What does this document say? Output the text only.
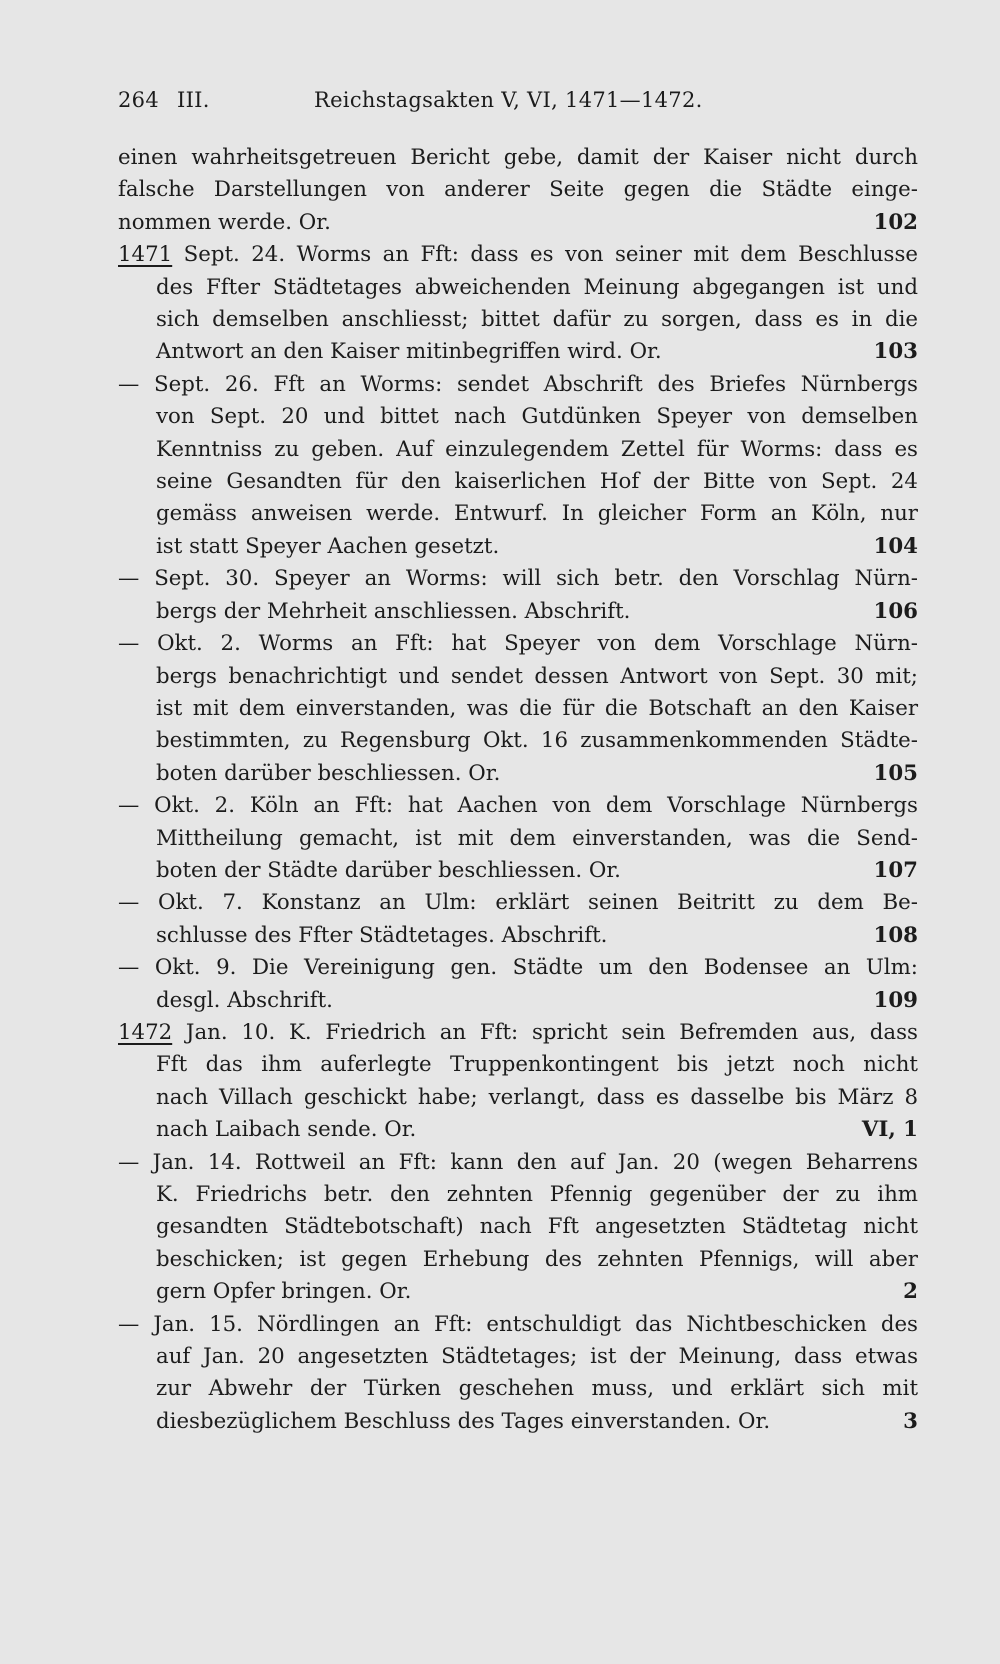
264 III.	Reichstagsakten V, VI, 1471—1472.
einen wahrheitsgetreuen Bericht gebe, damit der Kaiser nicht durch
falsche Darstellungen von anderer Seite gegen die Städte einge-
nommen werde. Or.	102
1471 Sept. 24. Worms an Fft: dass es von seiner mit dem Beschlusse
des Ffter Städtetages abweichenden Meinung abgegangen ist und
sich demselben anschliesst; bittet dafür zu sorgen, dass es in die
Antwort an den Kaiser mitinbegriffen wird. Or.	103
— Sept. 26. Fft an Worms: sendet Abschrift des Briefes Nürnbergs
von Sept. 20 und bittet nach Gutdünken Speyer von demselben
Kenntniss zu geben. Auf einzulegendem Zettel für Worms: dass es
seine Gesandten für den kaiserlichen Hof der Bitte von Sept. 24
gemäss anweisen werde. Entwurf. In gleicher Form an Köln, nur
ist statt Speyer Aachen gesetzt.	104
— Sept. 30. Speyer an Worms: will sich betr. den Vorschlag Nürn-
bergs der Mehrheit anschliessen. Abschrift.	106
— Okt. 2. Worms an Fft: hat Speyer von dem Vorschlage Nürn-
bergs benachrichtigt und sendet dessen Antwort von Sept. 30 mit;
ist mit dem einverstanden, was die für die Botschaft an den Kaiser
bestimmten, zu Regensburg Okt. 16 zusammenkommenden Städte-
boten darüber beschliessen. Or.	105
— Okt. 2. Köln an Fft: hat Aachen von dem Vorschlage Nürnbergs
Mittheilung gemacht, ist mit dem einverstanden, was die Send-
boten der Städte darüber beschliessen. Or.	107
— Okt. 7. Konstanz an Ulm: erklärt seinen Beitritt zu dem Be-
schlusse des Ffter Städtetages. Abschrift.	108
— Okt. 9. Die Vereinigung gen. Städte um den Bodensee an Ulm:
desgl. Abschrift.	109
1472 Jan. 10. K. Friedrich an Fft: spricht sein Befremden aus, dass
Fft das ihm auferlegte Truppenkontingent bis jetzt noch nicht
nach Villach geschickt habe; verlangt, dass es dasselbe bis März 8
nach Laibach sende. Or.	VI, 1
— Jan. 14. Rottweil an Fft: kann den auf Jan. 20 (wegen Beharrens
K. Friedrichs betr. den zehnten Pfennig gegenüber der zu ihm
gesandten Städtebotschaft) nach Fft angesetzten Städtetag nicht
beschicken; ist gegen Erhebung des zehnten Pfennigs, will aber
gern Opfer bringen. Or.	2
— Jan. 15. Nördlingen an Fft: entschuldigt das Nichtbeschicken des
auf Jan. 20 angesetzten Städtetages; ist der Meinung, dass etwas
zur Abwehr der Türken geschehen muss, und erklärt sich mit
diesbezüglichem Beschluss des Tages einverstanden. Or.	3
